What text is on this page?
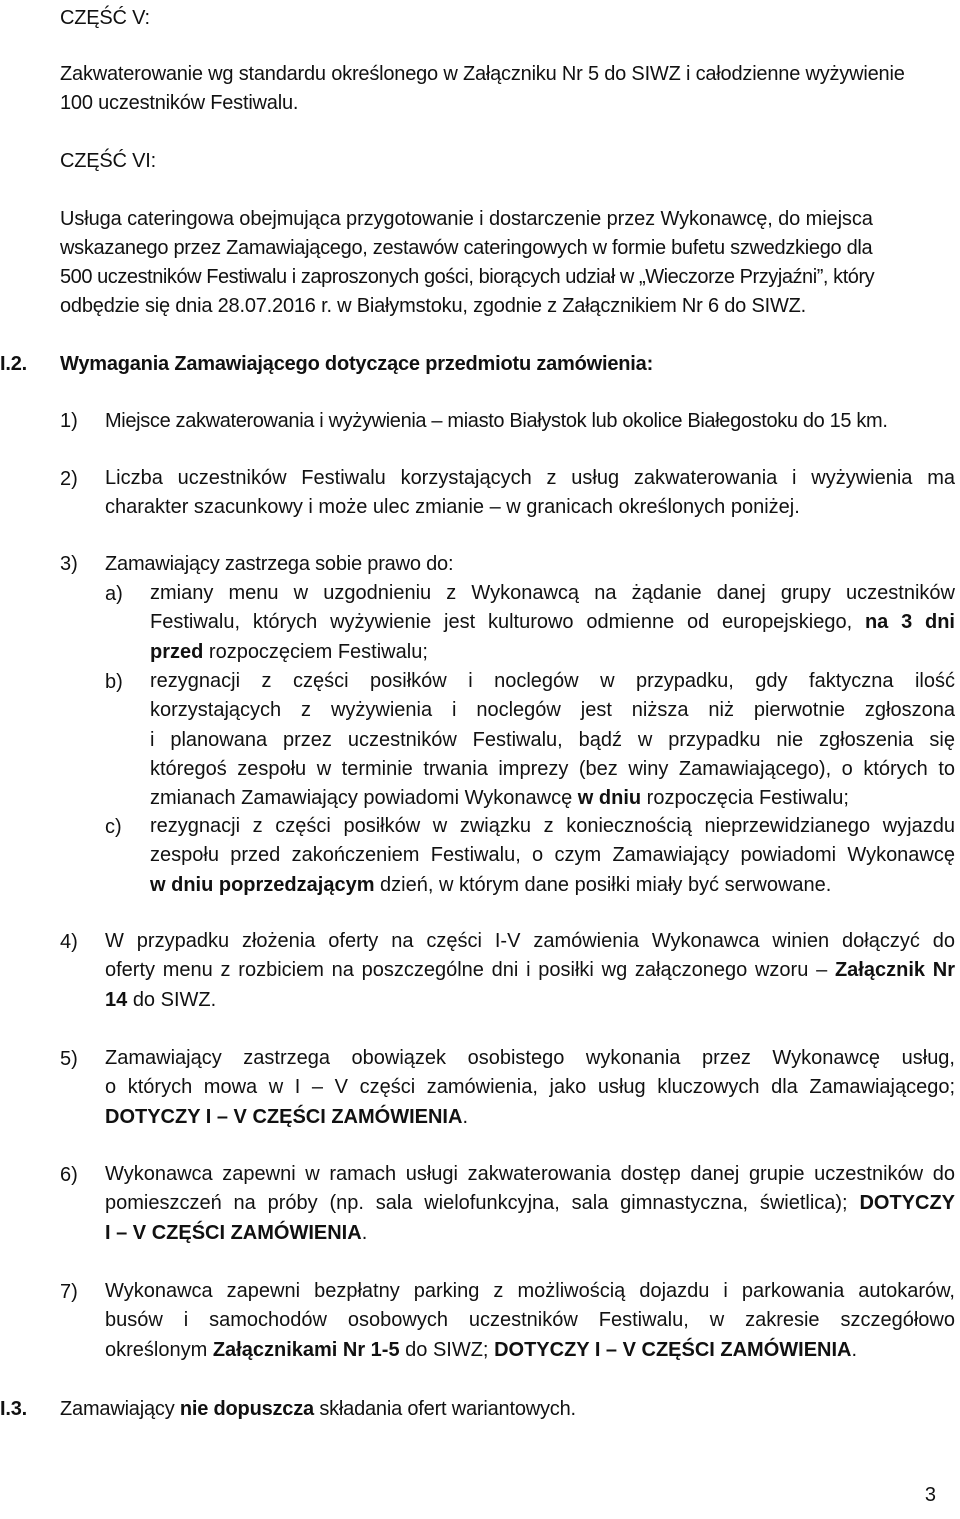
CZĘŚĆ V:
Zakwaterowanie wg standardu określonego w Załączniku Nr 5 do SIWZ i całodzienne wyżywienie
100 uczestników Festiwalu.
CZĘŚĆ VI:
Usługa cateringowa obejmująca przygotowanie i dostarczenie przez Wykonawcę, do miejsca
wskazanego przez Zamawiającego, zestawów cateringowych w formie bufetu szwedzkiego dla
500 uczestników Festiwalu i zaproszonych gości, biorących udział w „Wieczorze Przyjaźni”, który
odbędzie się dnia 28.07.2016 r. w Białymstoku, zgodnie z Załącznikiem Nr 6 do SIWZ.
I.2. Wymagania Zamawiającego dotyczące przedmiotu zamówienia:
1) Miejsce zakwaterowania i wyżywienia – miasto Białystok lub okolice Białegostoku do 15 km.
2) Liczba uczestników Festiwalu korzystających z usług zakwaterowania i wyżywienia ma
charakter szacunkowy i może ulec zmianie – w granicach określonych poniżej.
3) Zamawiający zastrzega sobie prawo do:
a) zmiany menu w uzgodnieniu z Wykonawcą na żądanie danej grupy uczestników
Festiwalu, których wyżywienie jest kulturowo odmienne od europejskiego, na 3 dni
przed rozpoczęciem Festiwalu;
b) rezygnacji z części posiłków i noclegów w przypadku, gdy faktyczna ilość
korzystających z wyżywienia i noclegów jest niższa niż pierwotnie zgłoszona
i planowana przez uczestników Festiwalu, bądź w przypadku nie zgłoszenia się
któregoś zespołu w terminie trwania imprezy (bez winy Zamawiającego), o których to
zmianach Zamawiający powiadomi Wykonawcę w dniu rozpoczęcia Festiwalu;
c) rezygnacji z części posiłków w związku z koniecznością nieprzewidzianego wyjazdu
zespołu przed zakończeniem Festiwalu, o czym Zamawiający powiadomi Wykonawcę
w dniu poprzedzającym dzień, w którym dane posiłki miały być serwowane.
4) W przypadku złożenia oferty na części I-V zamówienia Wykonawca winien dołączyć do
oferty menu z rozbiciem na poszczególne dni i posiłki wg załączonego wzoru – Załącznik Nr
14 do SIWZ.
5) Zamawiający zastrzega obowiązek osobistego wykonania przez Wykonawcę usług,
o których mowa w I – V części zamówienia, jako usług kluczowych dla Zamawiającego;
DOTYCZY I – V CZĘŚCI ZAMÓWIENIA.
6) Wykonawca zapewni w ramach usługi zakwaterowania dostęp danej grupie uczestników do
pomieszczeń na próby (np. sala wielofunkcyjna, sala gimnastyczna, świetlica); DOTYCZY
I – V CZĘŚCI ZAMÓWIENIA.
7) Wykonawca zapewni bezpłatny parking z możliwością dojazdu i parkowania autokarów,
busów i samochodów osobowych uczestników Festiwalu, w zakresie szczegółowo
określonym Załącznikami Nr 1-5 do SIWZ; DOTYCZY I – V CZĘŚCI ZAMÓWIENIA.
I.3. Zamawiający nie dopuszcza składania ofert wariantowych.
3
